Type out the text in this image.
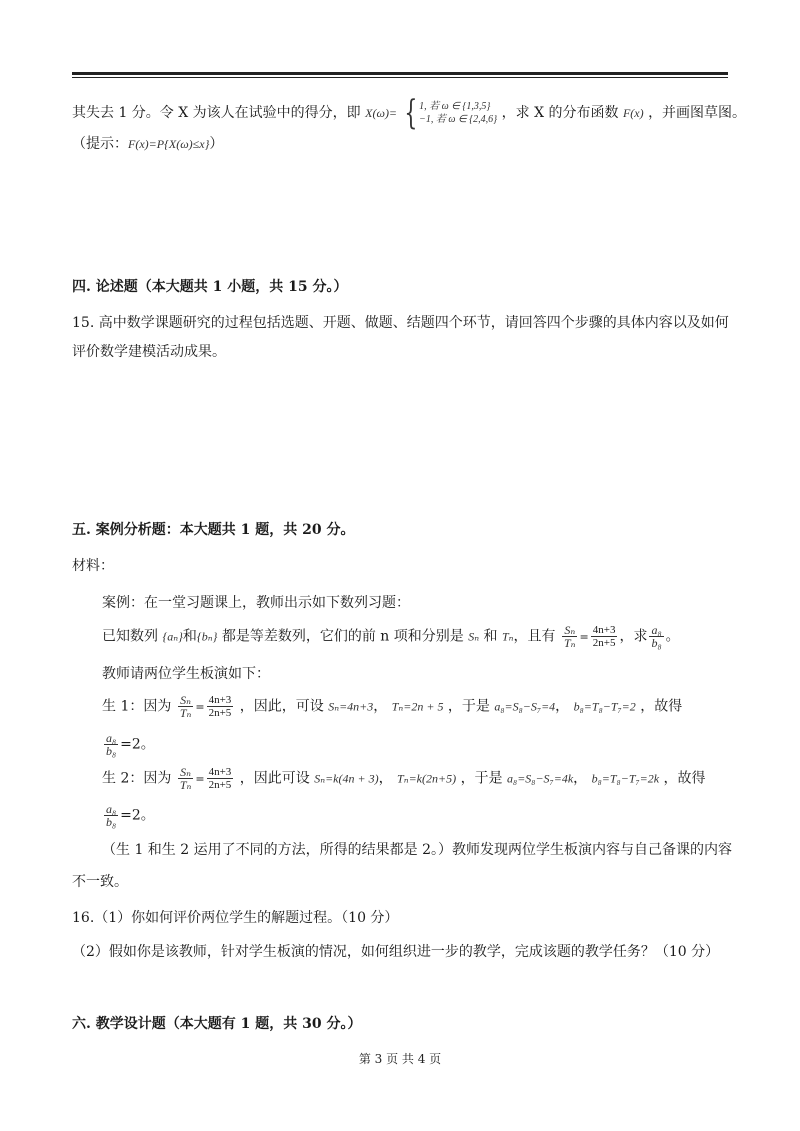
其失去 1 分。令 X 为该人在试验中的得分，即 X(ω)= { 1, 若 ω ∈ {1,3,5}
−1, 若 ω ∈ {2,4,6} ，求 X 的分布函数 F(x) ，并画图草图。
（提示：F(x)=P{X(ω)≤x}）
四. 论述题（本大题共 1 小题，共 15 分。）
15. 高中数学课题研究的过程包括选题、开题、做题、结题四个环节，请回答四个步骤的具体内容以及如何
评价数学建模活动成果。
五. 案例分析题：本大题共 1 题，共 20 分。
材料：
案例：在一堂习题课上，教师出示如下数列习题：
已知数列 {aₙ}和{bₙ} 都是等差数列，它们的前 n 项和分别是 Sₙ 和 Tₙ，且有 $\frac{\text{Sₙ}}{\text{Tₙ}} = \frac{4n+3}{2n+5}$ ，求 $\frac{\text{a₈}}{\text{b₈}}$ 。
教师请两位学生板演如下：
生 1：因为 $\frac{\text{Sₙ}}{\text{Tₙ}} = \frac{4n+3}{2n+5}$ ，因此，可设 Sₙ=4n+3， Tₙ=2n + 5 ，于是 a₈=S₈−S₇=4， b₈=T₈−T₇=2 ，故得
$\frac{\text{a₈}}{\text{b₈}} =2$。
生 2：因为 $\frac{\text{Sₙ}}{\text{Tₙ}} = \frac{4n+3}{2n+5}$ ，因此可设 Sₙ=k(4n + 3)， Tₙ=k(2n+5) ，于是 a₈=S₈−S₇=4k， b₈=T₈−T₇=2k ，故得
$\frac{\text{a₈}}{\text{b₈}} =2$。
（生 1 和生 2 运用了不同的方法，所得的结果都是 2。）教师发现两位学生板演内容与自己备课的内容
不一致。
16.（1）你如何评价两位学生的解题过程。（10 分）
（2）假如你是该教师，针对学生板演的情况，如何组织进一步的教学，完成该题的教学任务？（10 分）
六. 教学设计题（本大题有 1 题，共 30 分。）
第 3 页 共 4 页
